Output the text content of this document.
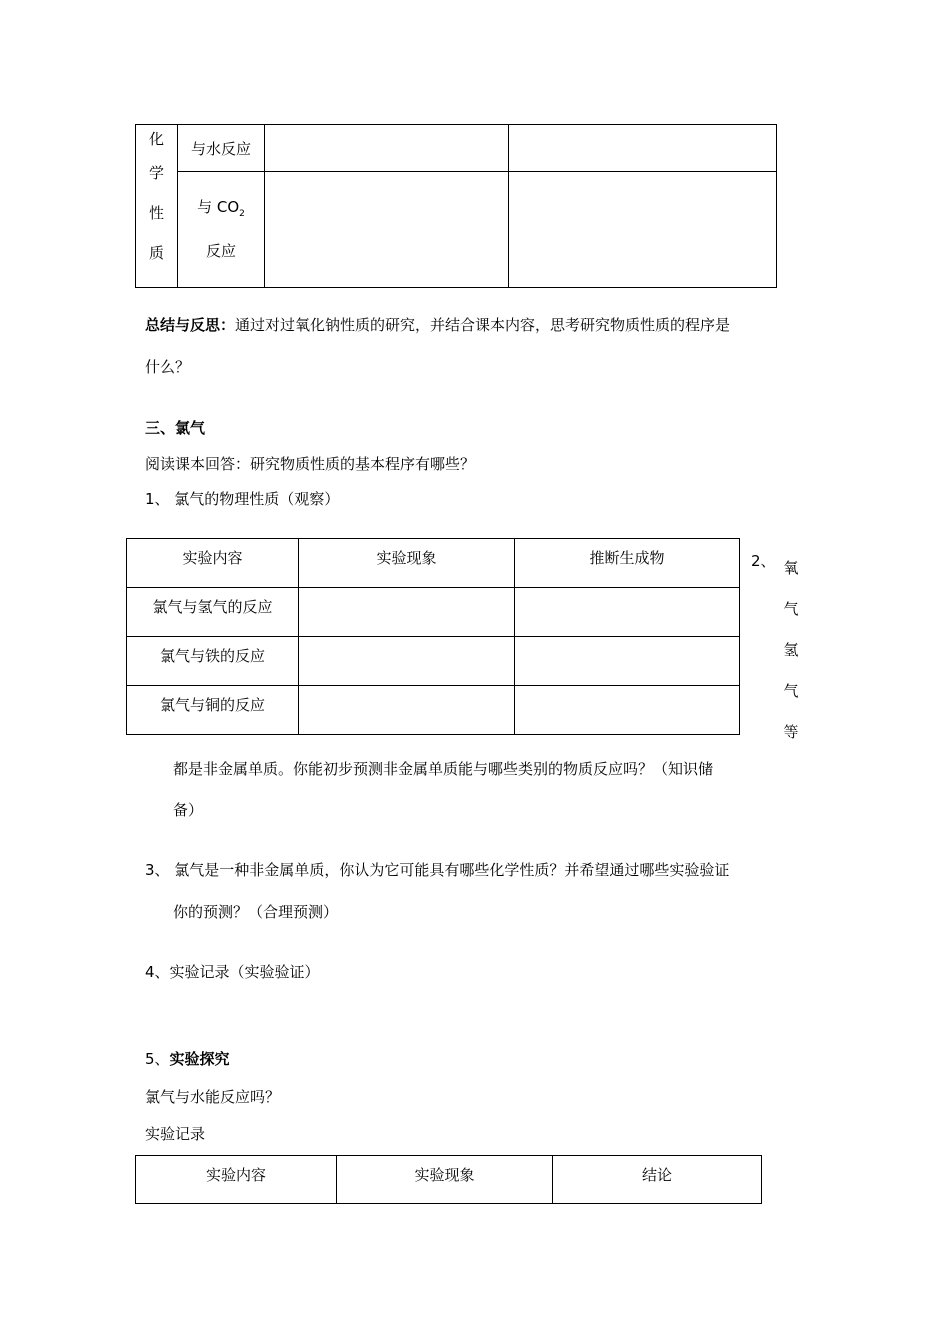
化
学
性
质	与水反应		
	与 $CO_2$
反应		
总结与反思：通过对过氧化钠性质的研究，并结合课本内容，思考研究物质性质的程序是
什么？
三、氯气
阅读课本回答：研究物质性质的基本程序有哪些？
1、 氯气的物理性质（观察）
实验内容	实验现象	推断生成物
氯气与氢气的反应		
氯气与铁的反应		
氯气与铜的反应		
2、 氧
气
氢
气
等
都是非金属单质。你能初步预测非金属单质能与哪些类别的物质反应吗？（知识储
备）
3、 氯气是一种非金属单质，你认为它可能具有哪些化学性质？并希望通过哪些实验验证
你的预测？（合理预测）
4、实验记录（实验验证）
5、实验探究
氯气与水能反应吗？
实验记录
实验内容	实验现象	结论
